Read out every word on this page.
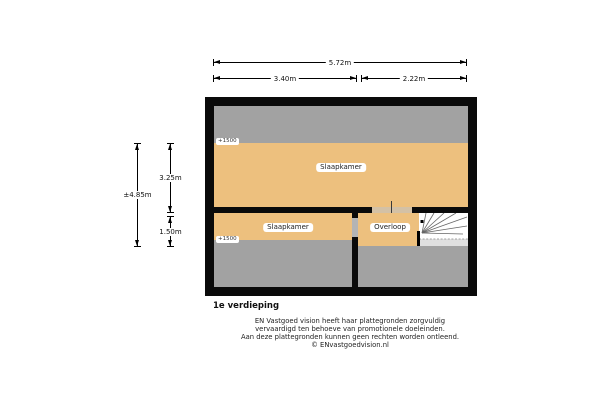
5.72m
3.40m	2.22m
±4.85m
3.25m
1.50m
+1500
+1500
Slaapkamer
Slaapkamer	Overloop
1e verdieping
EN Vastgoed vision heeft haar plattegronden zorgvuldig
vervaardigd ten behoeve van promotionele doeleinden.
Aan deze plattegronden kunnen geen rechten worden ontleend.
© ENvastgoedvision.nl
